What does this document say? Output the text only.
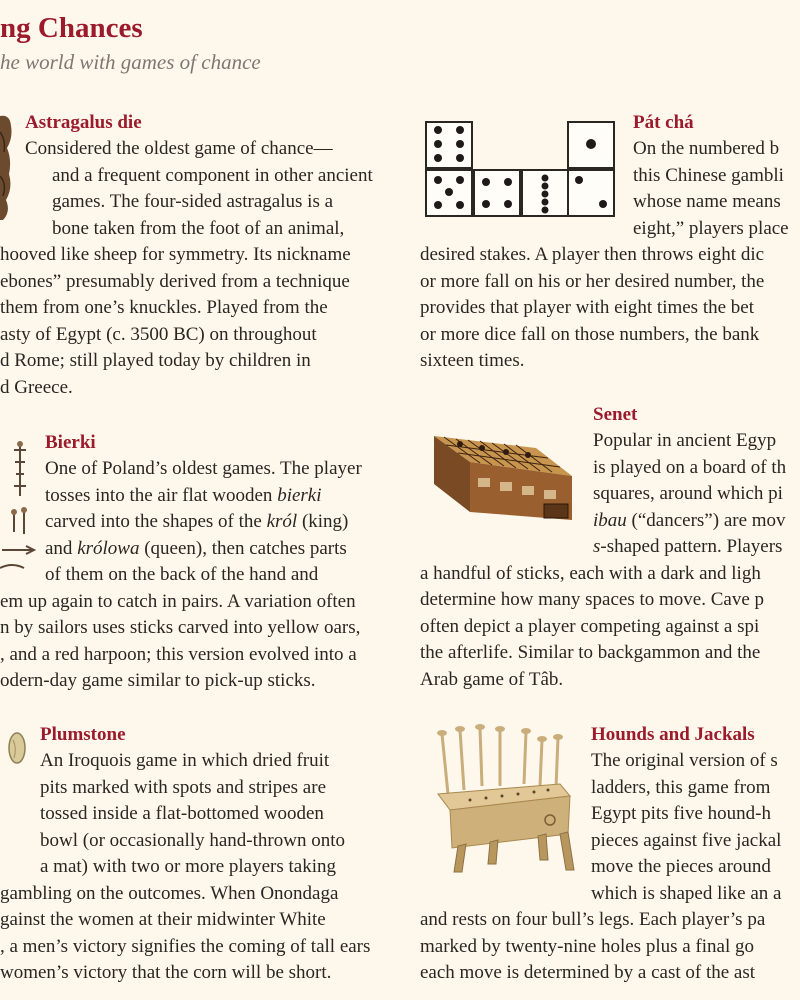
ng Chances
he world with games of chance
Astragalus die
Considered the oldest game of chance—
and a frequent component in other ancient
games. The four-sided astragalus is a
bone taken from the foot of an animal,
hooved like sheep for symmetry. Its nickname
ebones” presumably derived from a technique
them from one’s knuckles. Played from the
asty of Egypt (c. 3500 BC) on throughout
d Rome; still played today by children in
d Greece.
Pát chá
On the numbered b
this Chinese gambli
whose name means
eight,” players place
desired stakes. A player then throws eight dic
or more fall on his or her desired number, the
provides that player with eight times the bet
or more dice fall on those numbers, the bank
sixteen times.
Bierki
One of Poland’s oldest games. The player
tosses into the air flat wooden bierki
carved into the shapes of the król (king)
and królowa (queen), then catches parts
of them on the back of the hand and
em up again to catch in pairs. A variation often
n by sailors uses sticks carved into yellow oars,
, and a red harpoon; this version evolved into a
odern-day game similar to pick-up sticks.
Senet
Popular in ancient Egyp
is played on a board of th
squares, around which pi
ibau (“dancers”) are mov
s-shaped pattern. Players
a handful of sticks, each with a dark and ligh
determine how many spaces to move. Cave p
often depict a player competing against a spi
the afterlife. Similar to backgammon and the
Arab game of Tâb.
Plumstone
An Iroquois game in which dried fruit
pits marked with spots and stripes are
tossed inside a flat-bottomed wooden
bowl (or occasionally hand-thrown onto
a mat) with two or more players taking
gambling on the outcomes. When Onondaga
gainst the women at their midwinter White
, a men’s victory signifies the coming of tall ears
women’s victory that the corn will be short.
Hounds and Jackals
The original version of s
ladders, this game from
Egypt pits five hound-h
pieces against five jackal
move the pieces around
which is shaped like an a
and rests on four bull’s legs. Each player’s pa
marked by twenty-nine holes plus a final go
each move is determined by a cast of the ast
